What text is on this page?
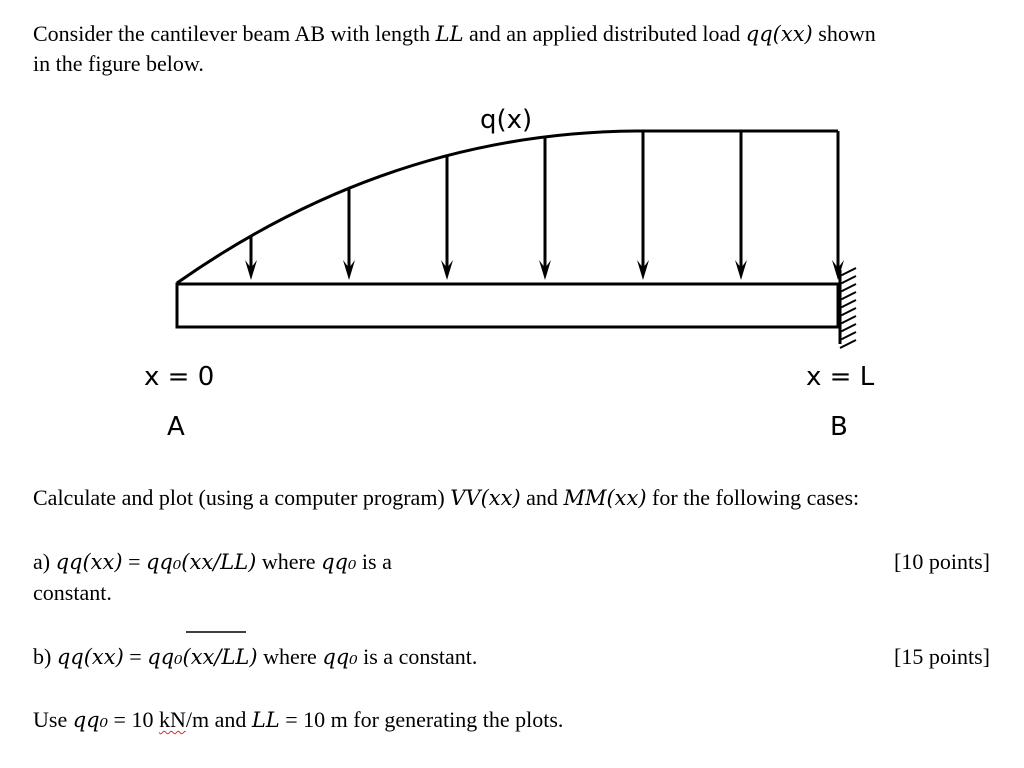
Consider the cantilever beam AB with length LL and an applied distributed load qq(xx) shown
in the figure below.
q(x)
x = 0	x = L
A	B
Calculate and plot (using a computer program) VV(xx) and MM(xx) for the following cases:
a) qq(xx) = qq₀(xx/LL) where qq₀ is a
constant.
[10 points]
b) qq(xx) = qq₀(xx/LL) where qq₀ is a constant.	[15 points]
Use qq₀ = 10 kN/m and LL = 10 m for generating the plots.
